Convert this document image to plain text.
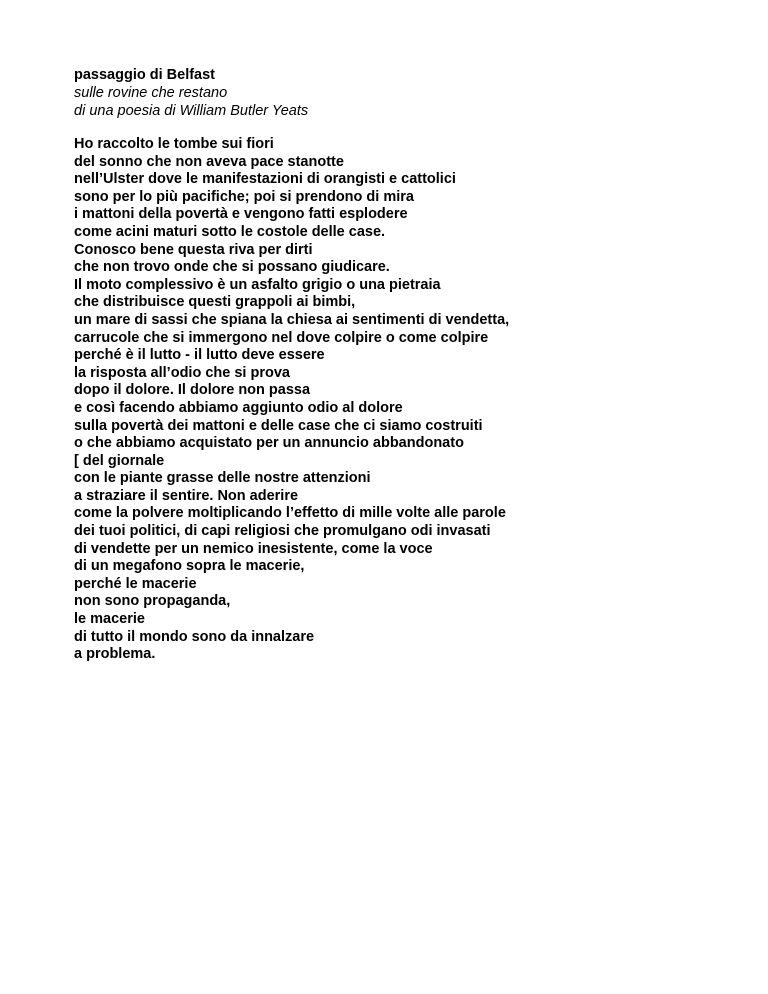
passaggio di Belfast
sulle rovine che restano
di una poesia di William Butler Yeats
Ho raccolto le tombe sui fiori
del sonno che non aveva pace stanotte
nell’Ulster dove le manifestazioni di orangisti e cattolici
sono per lo più pacifiche; poi si prendono di mira
i mattoni della povertà e vengono fatti esplodere
come acini maturi sotto le costole delle case.
Conosco bene questa riva per dirti
che non trovo onde che si possano giudicare.
Il moto complessivo è un asfalto grigio o una pietraia
che distribuisce questi grappoli ai bimbi,
un mare di sassi che spiana la chiesa ai sentimenti di vendetta,
carrucole che si immergono nel dove colpire o come colpire
perché è il lutto - il lutto deve essere
la risposta all’odio che si prova
dopo il dolore. Il dolore non passa
e così facendo abbiamo aggiunto odio al dolore
sulla povertà dei mattoni e delle case che ci siamo costruiti
o che abbiamo acquistato per un annuncio abbandonato
[ del giornale
con le piante grasse delle nostre attenzioni
a straziare il sentire. Non aderire
come la polvere moltiplicando l’effetto di mille volte alle parole
dei tuoi politici, di capi religiosi che promulgano odi invasati
di vendette per un nemico inesistente, come la voce
di un megafono sopra le macerie,
perché le macerie
non sono propaganda,
le macerie
di tutto il mondo sono da innalzare
a problema.
